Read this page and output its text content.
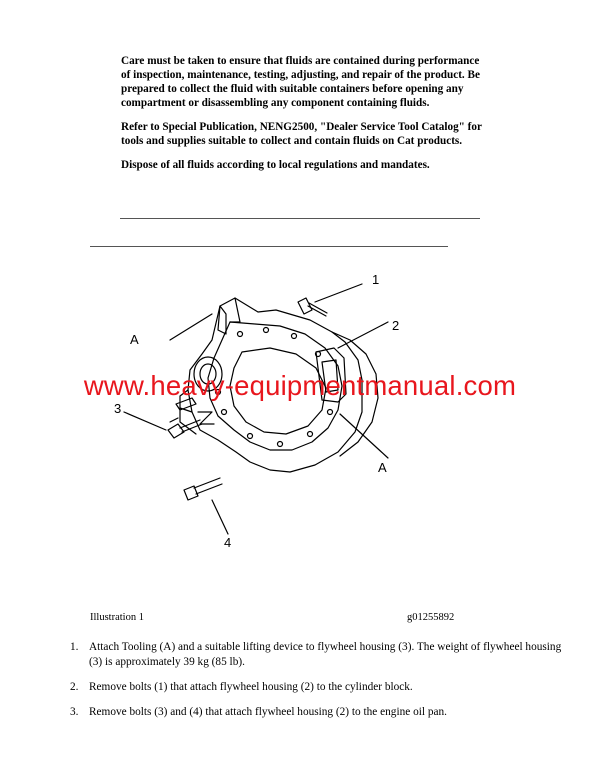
Care must be taken to ensure that fluids are contained during performance of inspection, maintenance, testing, adjusting, and repair of the product. Be prepared to collect the fluid with suitable containers before opening any compartment or disassembling any component containing fluids.

Refer to Special Publication, NENG2500, "Dealer Service Tool Catalog" for tools and supplies suitable to collect and contain fluids on Cat products.

Dispose of all fluids according to local regulations and mandates.

1
2
3
4
A
A
www.heavy-equipmentmanual.com
Illustration 1	g01255892
1. Attach Tooling (A) and a suitable lifting device to flywheel housing (3). The weight of flywheel housing (3) is approximately 39 kg (85 lb).
2. Remove bolts (1) that attach flywheel housing (2) to the cylinder block.
3. Remove bolts (3) and (4) that attach flywheel housing (2) to the engine oil pan.
